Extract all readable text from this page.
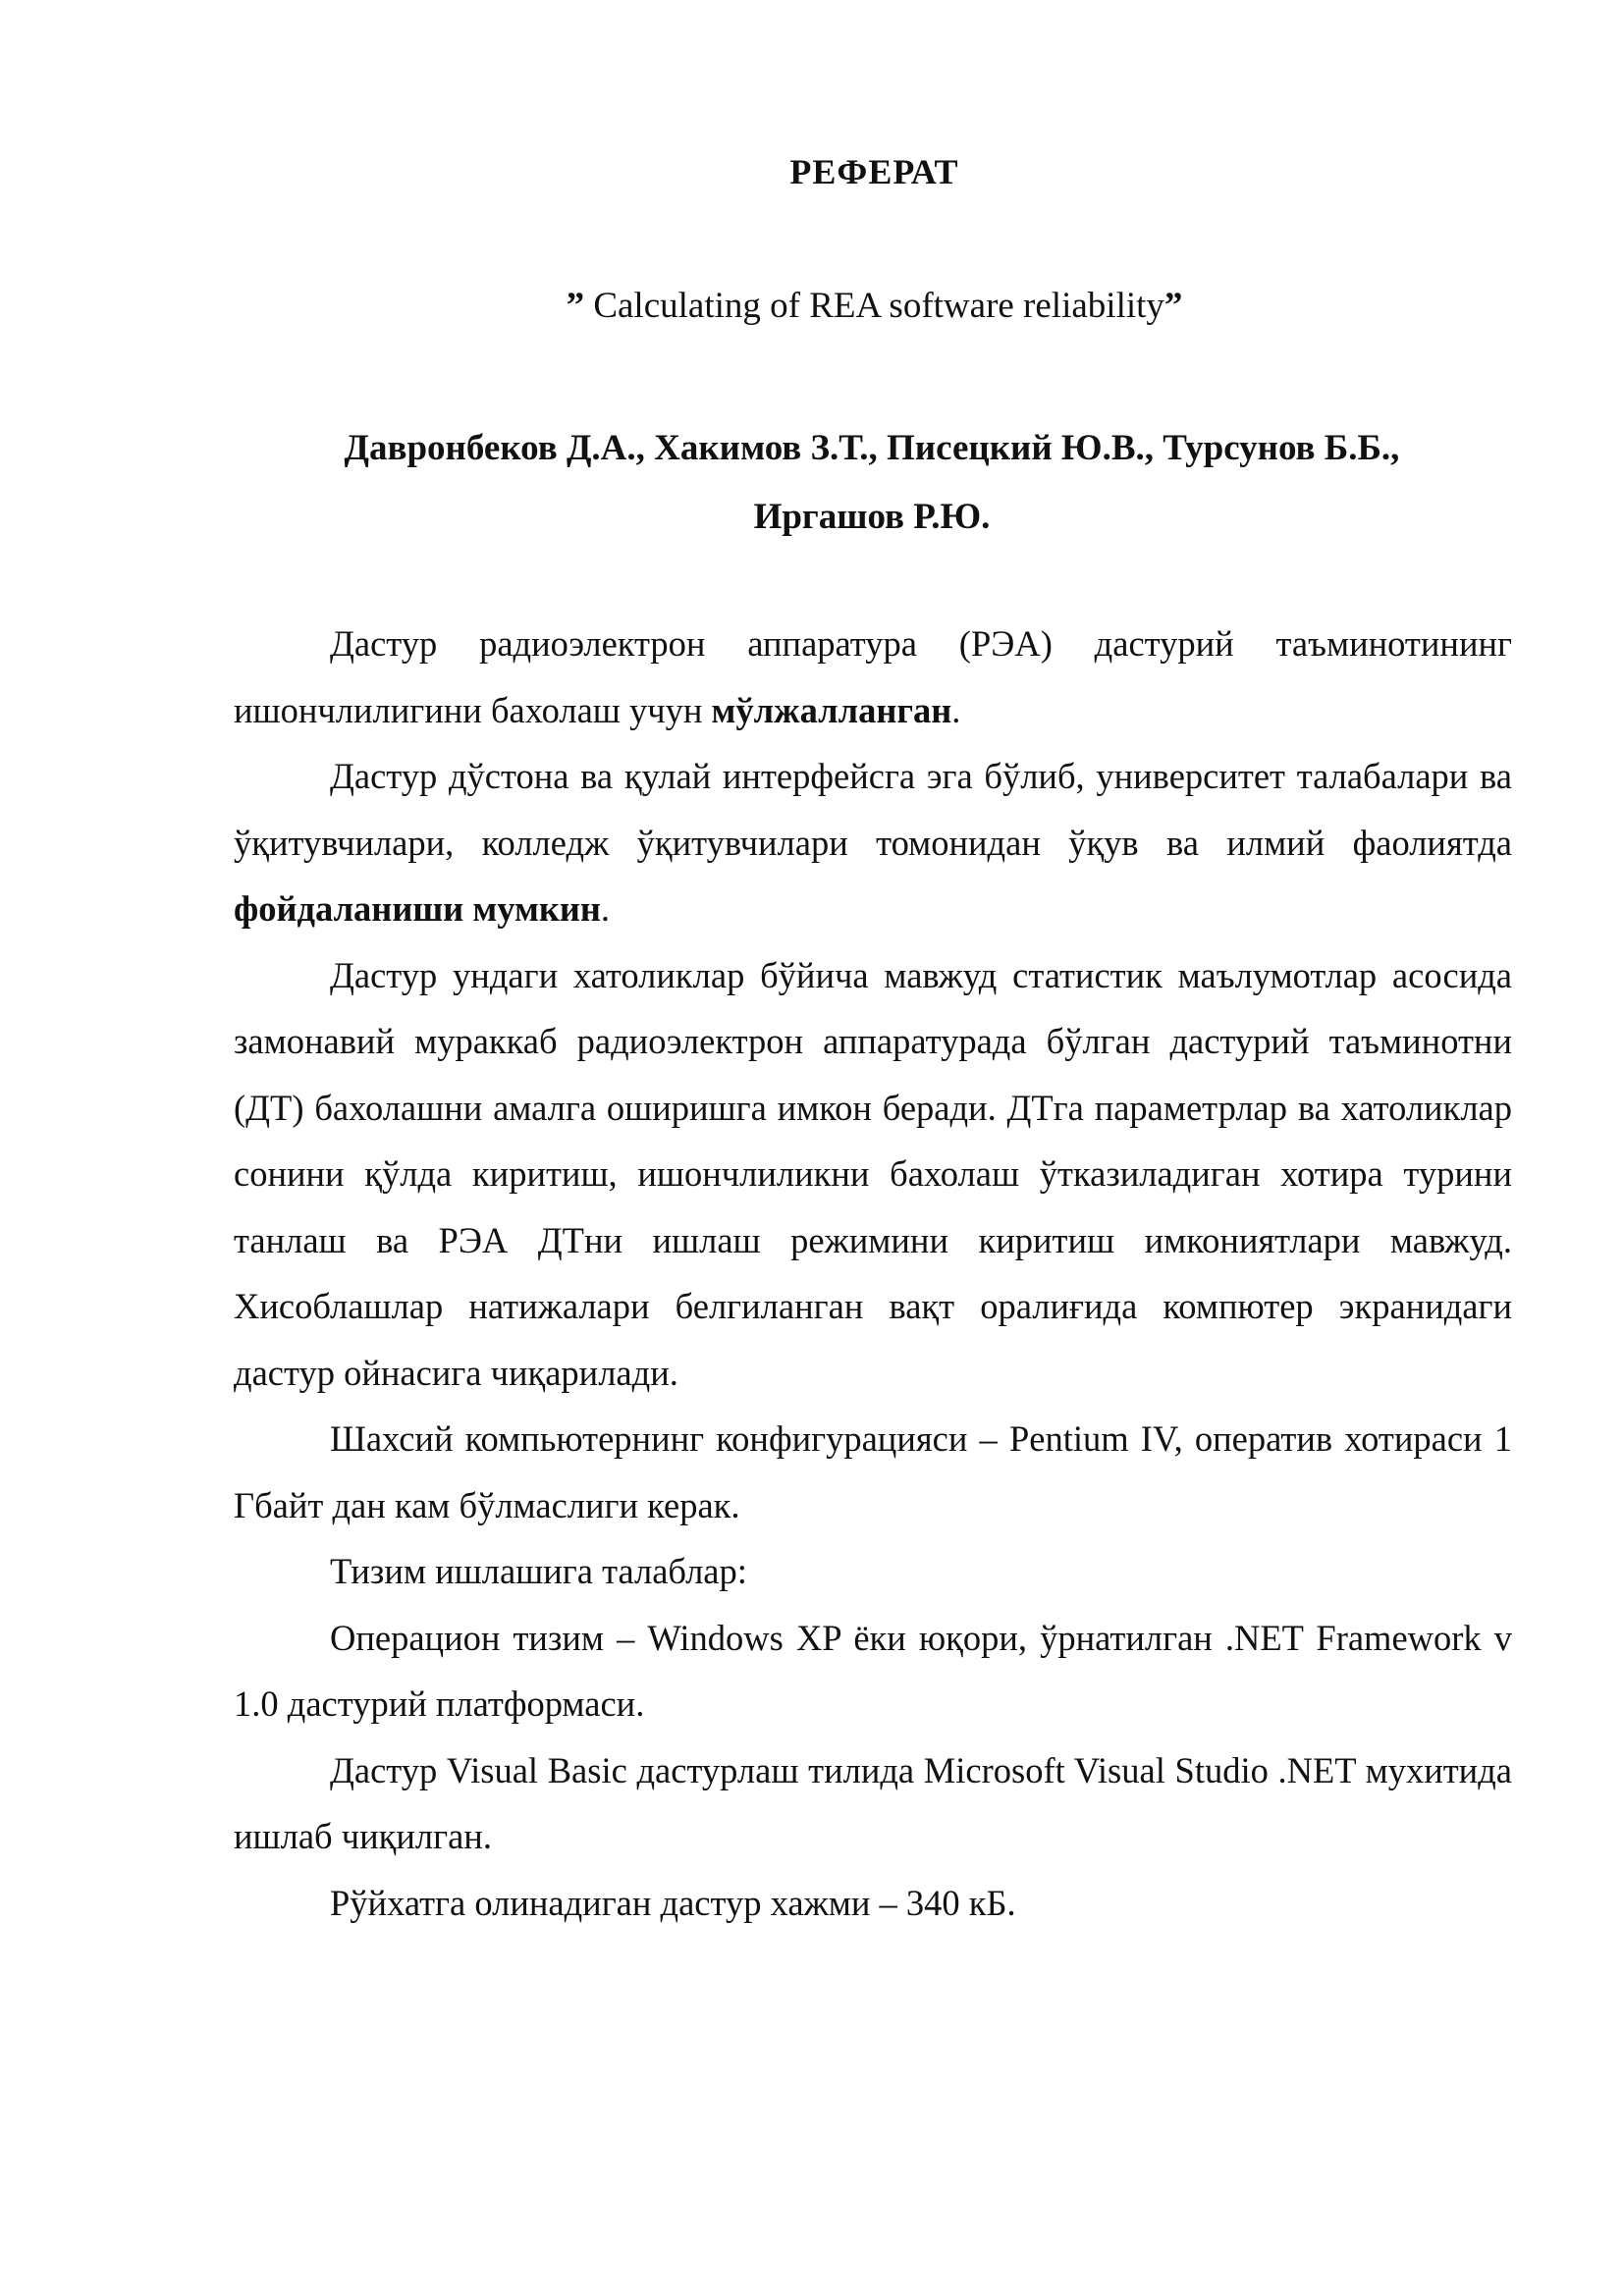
РЕФЕРАТ
” Calculating of REA software reliability”
Давронбеков Д.А., Хакимов З.Т., Писецкий Ю.В., Турсунов Б.Б.,
Иргашов Р.Ю.

Дастур радиоэлектрон аппаратура (РЭА) дастурий таъминотининг ишончлилигини бахолаш учун мўлжалланган.

Дастур дўстона ва қулай интерфейсга эга бўлиб, университет талабалари ва ўқитувчилари, колледж ўқитувчилари томонидан ўқув ва илмий фаолиятда фойдаланиши мумкин.

Дастур ундаги хатоликлар бўйича мавжуд статистик маълумотлар асосида замонавий мураккаб радиоэлектрон аппаратурада бўлган дастурий таъминотни (ДТ) бахолашни амалга оширишга имкон беради. ДТга параметрлар ва хатоликлар сонини қўлда киритиш, ишончлиликни бахолаш ўтказиладиган хотира турини танлаш ва РЭА ДТни ишлаш режимини киритиш имкониятлари мавжуд. Хисоблашлар натижалари белгиланган вақт оралиғида компютер экранидаги дастур ойнасига чиқарилади.

Шахсий компьютернинг конфигурацияси – Pentium IV, оператив хотираси 1 Гбайт дан кам бўлмаслиги керак.

Тизим ишлашига талаблар:

Операцион тизим – Windows XP ёки юқори, ўрнатилган .NET Framework v 1.0 дастурий платформаси.

Дастур Visual Basic дастурлаш тилида Microsoft Visual Studio .NET мухитида ишлаб чиқилган.

Рўйхатга олинадиган дастур хажми – 340 кБ.
